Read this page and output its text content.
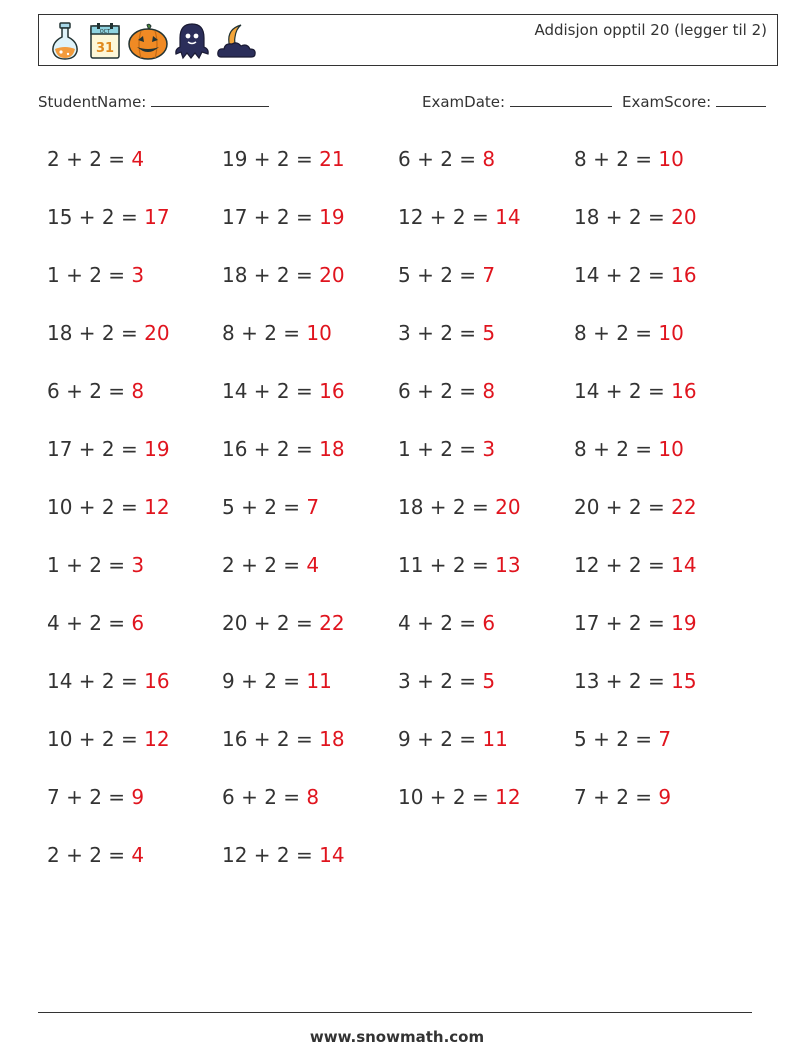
OCT
31
Addisjon opptil 20 (legger til 2)
StudentName:	ExamDate:	ExamScore:
2 + 2 = 4
15 + 2 = 17
1 + 2 = 3
18 + 2 = 20
6 + 2 = 8
17 + 2 = 19
10 + 2 = 12
1 + 2 = 3
4 + 2 = 6
14 + 2 = 16
10 + 2 = 12
7 + 2 = 9
2 + 2 = 4
19 + 2 = 21
17 + 2 = 19
18 + 2 = 20
8 + 2 = 10
14 + 2 = 16
16 + 2 = 18
5 + 2 = 7
2 + 2 = 4
20 + 2 = 22
9 + 2 = 11
16 + 2 = 18
6 + 2 = 8
12 + 2 = 14
6 + 2 = 8
12 + 2 = 14
5 + 2 = 7
3 + 2 = 5
6 + 2 = 8
1 + 2 = 3
18 + 2 = 20
11 + 2 = 13
4 + 2 = 6
3 + 2 = 5
9 + 2 = 11
10 + 2 = 12
8 + 2 = 10
18 + 2 = 20
14 + 2 = 16
8 + 2 = 10
14 + 2 = 16
8 + 2 = 10
20 + 2 = 22
12 + 2 = 14
17 + 2 = 19
13 + 2 = 15
5 + 2 = 7
7 + 2 = 9
www.snowmath.com
